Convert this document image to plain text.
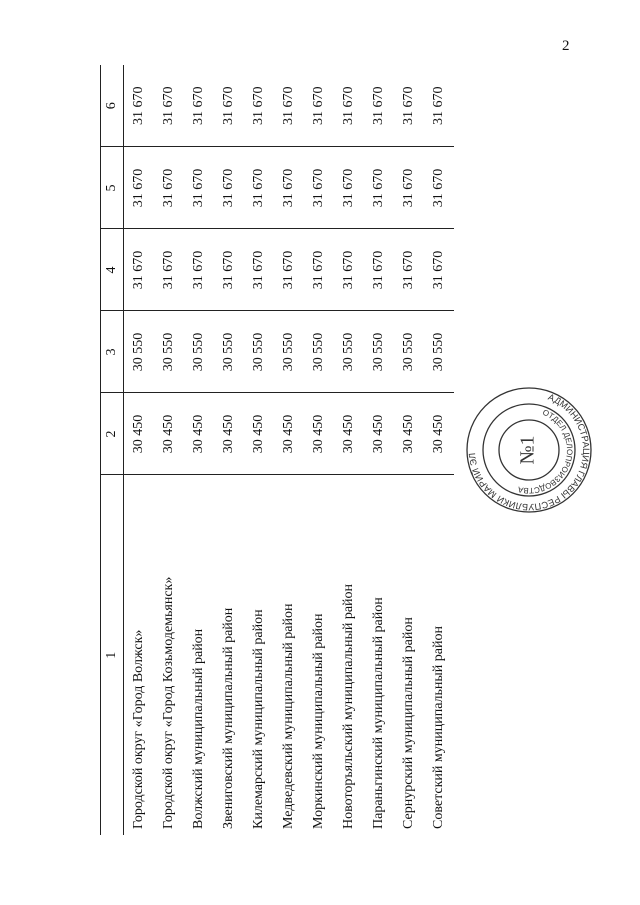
2
1	2	3	4	5	6
Городской округ «Город Волжск»	30 450	30 550	31 670	31 670	31 670
Городской округ «Город Козьмодемьянск»	30 450	30 550	31 670	31 670	31 670
Волжский муниципальный район	30 450	30 550	31 670	31 670	31 670
Звениговский муниципальный район	30 450	30 550	31 670	31 670	31 670
Килемарский муниципальный район	30 450	30 550	31 670	31 670	31 670
Медведевский муниципальный район	30 450	30 550	31 670	31 670	31 670
Моркинский муниципальный район	30 450	30 550	31 670	31 670	31 670
Новоторъяльский муниципальный район	30 450	30 550	31 670	31 670	31 670
Параньгинский муниципальный район	30 450	30 550	31 670	31 670	31 670
Сернурский муниципальный район	30 450	30 550	31 670	31 670	31 670
Советский муниципальный район	30 450	30 550	31 670	31 670	31 670
АДМИНИСТРАЦИЯ ГЛАВЫ РЕСПУБЛИКИ МАРИЙ ЭЛ
ОТДЕЛ ДЕЛОПРОИЗВОДСТВА
№1
